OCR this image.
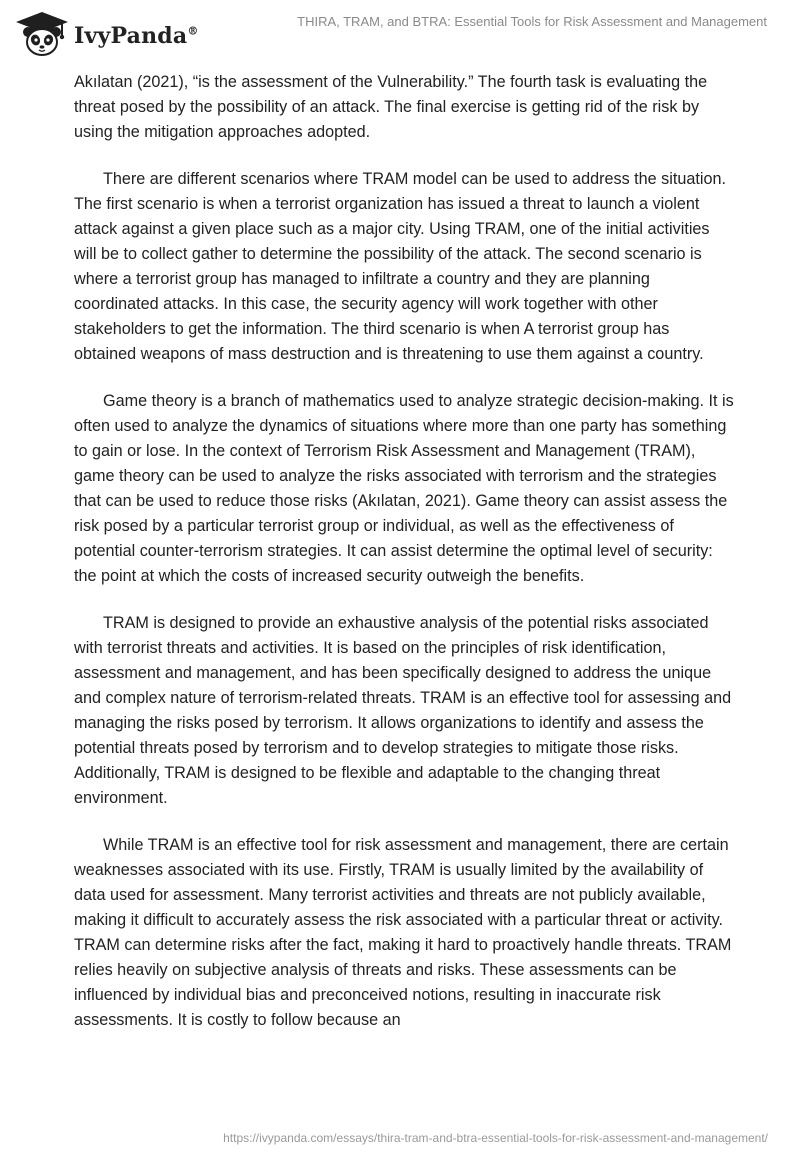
IvyPanda®
THIRA, TRAM, and BTRA: Essential Tools for Risk Assessment and Management

Akılatan (2021), “is the assessment of the Vulnerability.” The fourth task is evaluating the threat posed by the possibility of an attack. The final exercise is getting rid of the risk by using the mitigation approaches adopted.

There are different scenarios where TRAM model can be used to address the situation. The first scenario is when a terrorist organization has issued a threat to launch a violent attack against a given place such as a major city. Using TRAM, one of the initial activities will be to collect gather to determine the possibility of the attack. The second scenario is where a terrorist group has managed to infiltrate a country and they are planning coordinated attacks. In this case, the security agency will work together with other stakeholders to get the information. The third scenario is when A terrorist group has obtained weapons of mass destruction and is threatening to use them against a country.

Game theory is a branch of mathematics used to analyze strategic decision-making. It is often used to analyze the dynamics of situations where more than one party has something to gain or lose. In the context of Terrorism Risk Assessment and Management (TRAM), game theory can be used to analyze the risks associated with terrorism and the strategies that can be used to reduce those risks (Akılatan, 2021). Game theory can assist assess the risk posed by a particular terrorist group or individual, as well as the effectiveness of potential counter-terrorism strategies. It can assist determine the optimal level of security: the point at which the costs of increased security outweigh the benefits.

TRAM is designed to provide an exhaustive analysis of the potential risks associated with terrorist threats and activities. It is based on the principles of risk identification, assessment and management, and has been specifically designed to address the unique and complex nature of terrorism-related threats. TRAM is an effective tool for assessing and managing the risks posed by terrorism. It allows organizations to identify and assess the potential threats posed by terrorism and to develop strategies to mitigate those risks. Additionally, TRAM is designed to be flexible and adaptable to the changing threat environment.

While TRAM is an effective tool for risk assessment and management, there are certain weaknesses associated with its use. Firstly, TRAM is usually limited by the availability of data used for assessment. Many terrorist activities and threats are not publicly available, making it difficult to accurately assess the risk associated with a particular threat or activity. TRAM can determine risks after the fact, making it hard to proactively handle threats. TRAM relies heavily on subjective analysis of threats and risks. These assessments can be influenced by individual bias and preconceived notions, resulting in inaccurate risk assessments. It is costly to follow because an

https://ivypanda.com/essays/thira-tram-and-btra-essential-tools-for-risk-assessment-and-management/
